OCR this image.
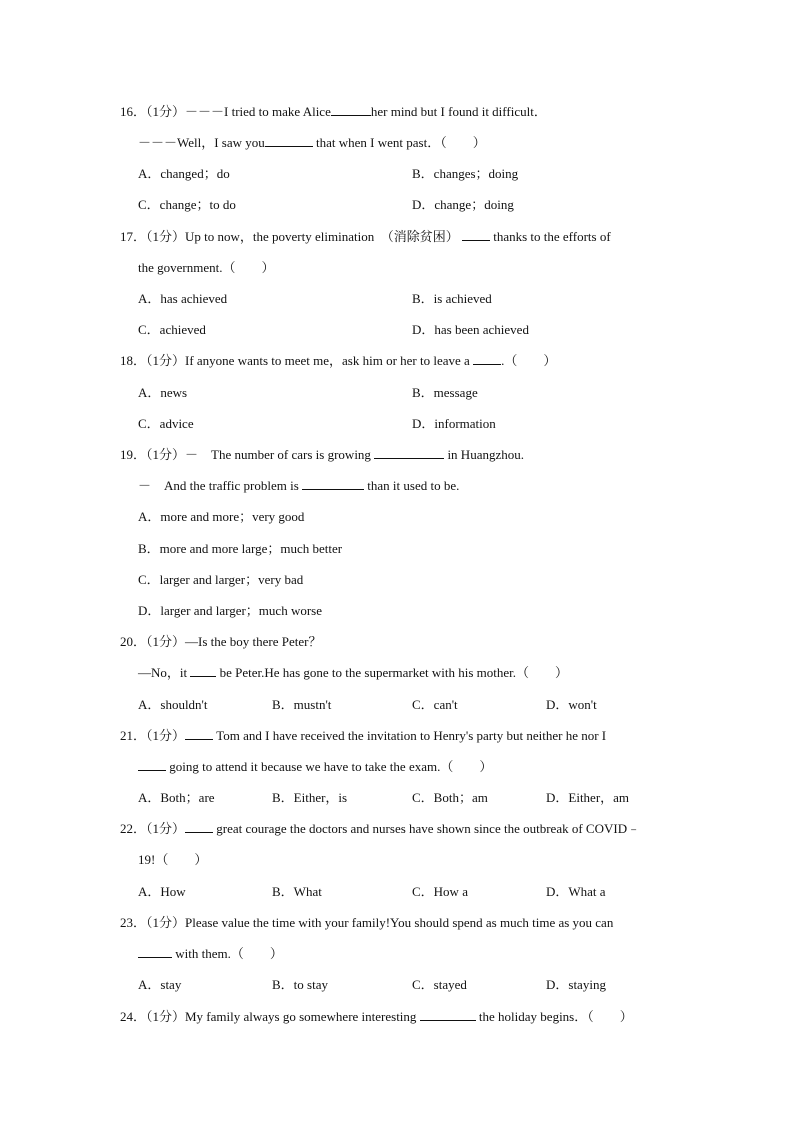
16．（1分）－－－I tried to make Alice	her mind but I found it difficult．
－－－Well，I saw you	that when I went past．（　　）
A．changed；do	B．changes；doing
C．change；to do	D．change；doing
17．（1分）Up to now，the poverty elimination　（消除贫困）  thanks to the efforts of
the government.（　　）
A．has achieved	B．is achieved
C．achieved	D．has been achieved
18．（1分）If anyone wants to meet me，ask him or her to leave a .（　　）
A．news	B．message
C．advice	D．information
19．（1分）－　The number of cars is growing	in Huangzhou.
－　And the traffic problem is	than it used to be.
A．more and more；very good
B．more and more large；much better
C．larger and larger；very bad
D．larger and larger；much worse
20．（1分）—Is the boy there Peter？
—No，it  be Peter.He has gone to the supermarket with his mother.（　　）
A．shouldn't	B．mustn't	C．can't	D．won't
21．（1分） Tom and I have received the invitation to Henry's party but neither he nor I
going to attend it because we have to take the exam.（　　）
A．Both；are	B．Either，is	C．Both；am	D．Either，am
22．（1分） great courage the doctors and nurses have shown since the outbreak of COVID﹣
19!（　　）
A．How	B．What	C．How a	D．What a
23．（1分）Please value the time with your family!You should spend as much time as you can
with them.（　　）
A．stay	B．to stay	C．stayed	D．staying
24．（1分）My family always go somewhere interesting	the holiday begins．（　　）
